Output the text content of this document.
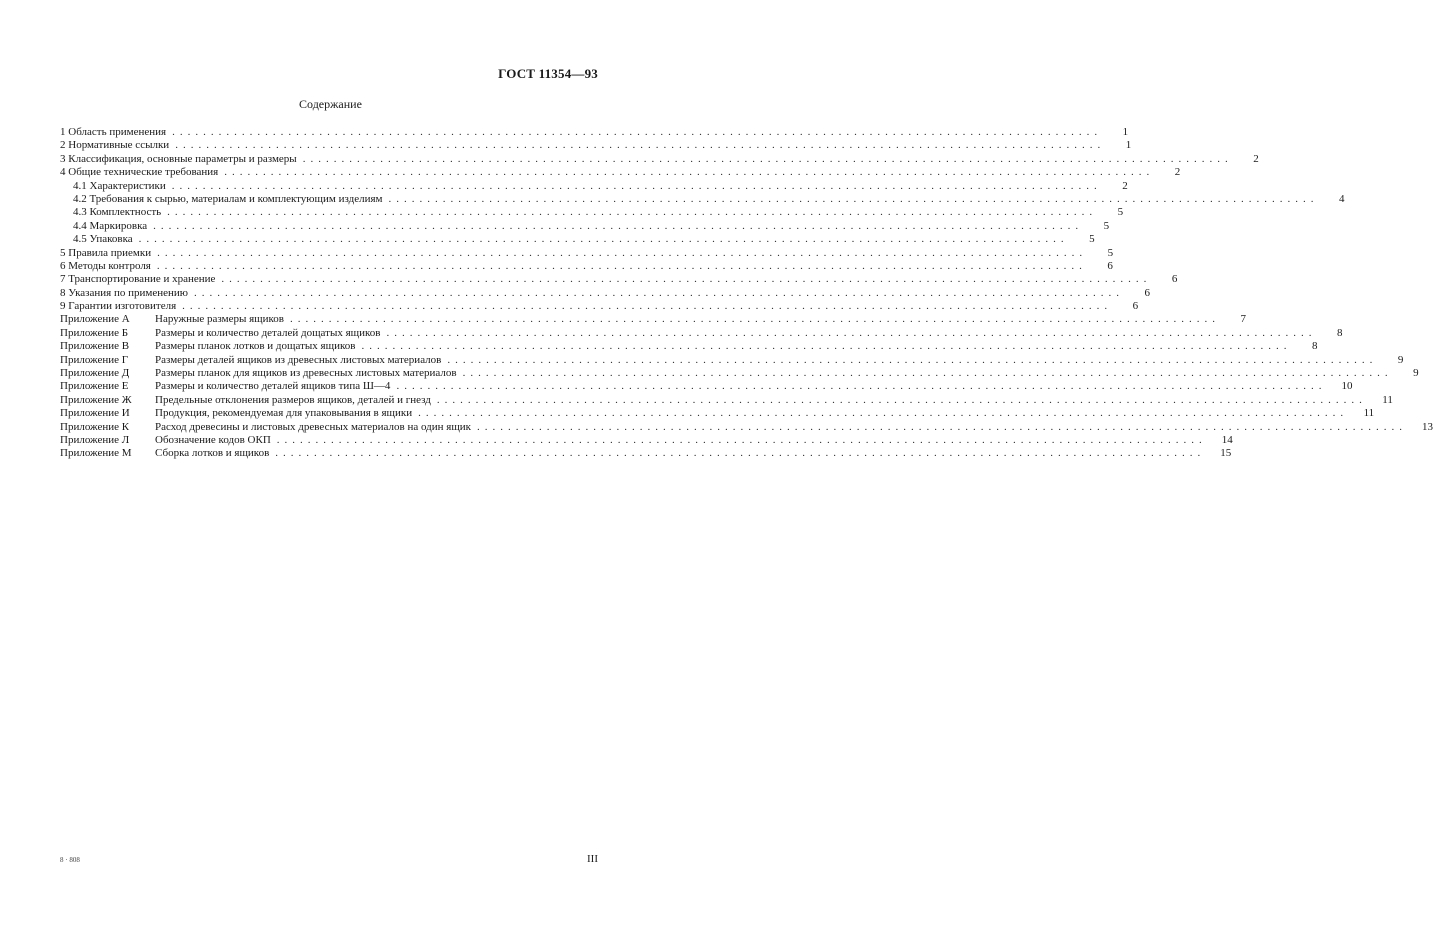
ГОСТ 11354—93
Содержание
1 Область применения ........................................................................................................................	1
2 Нормативные ссылки ........................................................................................................................	1
3 Классификация, основные параметры и размеры ........................................................................................................................	2
4 Общие технические требования ........................................................................................................................	2
4.1 Характеристики ........................................................................................................................	2
4.2 Требования к сырью, материалам и комплектующим изделиям ........................................................................................................................	4
4.3 Комплектность ........................................................................................................................	5
4.4 Маркировка ........................................................................................................................	5
4.5 Упаковка ........................................................................................................................	5
5 Правила приемки ........................................................................................................................	5
6 Методы контроля ........................................................................................................................	6
7 Транспортирование и хранение ........................................................................................................................	6
8 Указания по применению ........................................................................................................................	6
9 Гарантии изготовителя ........................................................................................................................	6
Приложение А	Наружные размеры ящиков ........................................................................................................................	7
Приложение Б	Размеры и количество деталей дощатых ящиков ........................................................................................................................	8
Приложение В	Размеры планок лотков и дощатых ящиков ........................................................................................................................	8
Приложение Г	Размеры деталей ящиков из древесных листовых материалов ........................................................................................................................	9
Приложение Д	Размеры планок для ящиков из древесных листовых материалов ........................................................................................................................	9
Приложение Е	Размеры и количество деталей ящиков типа Ш—4 ........................................................................................................................	10
Приложение Ж	Предельные отклонения размеров ящиков, деталей и гнезд ........................................................................................................................	11
Приложение И	Продукция, рекомендуемая для упаковывания в ящики ........................................................................................................................	11
Приложение К	Расход древесины и листовых древесных материалов на один ящик ........................................................................................................................	13
Приложение Л	Обозначение кодов ОКП ........................................................................................................................	14
Приложение М	Сборка лотков и ящиков ........................................................................................................................	15
8 · 808	III
